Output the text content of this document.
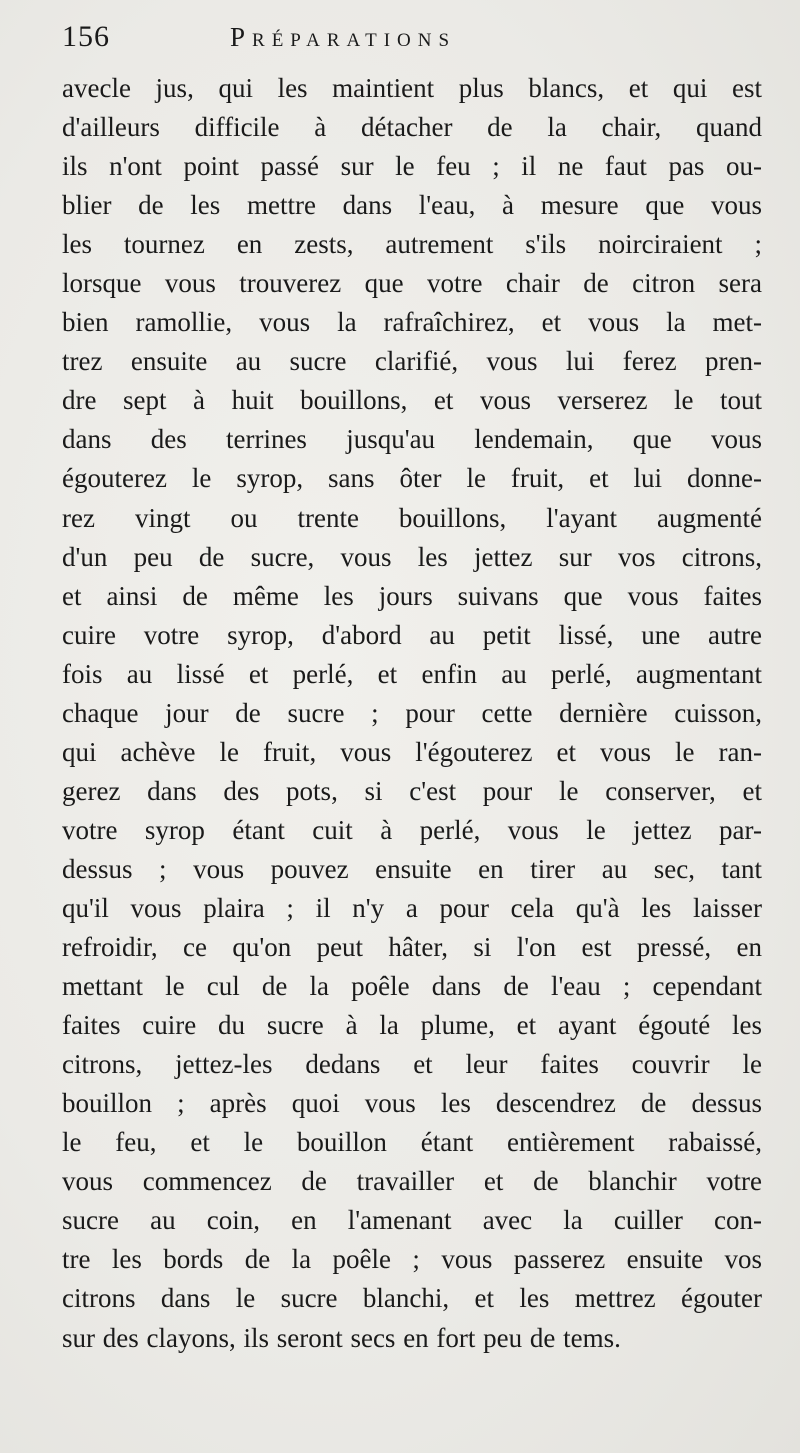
156	Préparations
avecle jus, qui les maintient plus blancs, et qui est
d'ailleurs difficile à détacher de la chair, quand
ils n'ont point passé sur le feu ; il ne faut pas ou-
blier de les mettre dans l'eau, à mesure que vous
les tournez en zests, autrement s'ils noirciraient ;
lorsque vous trouverez que votre chair de citron sera
bien ramollie, vous la rafraîchirez, et vous la met-
trez ensuite au sucre clarifié, vous lui ferez pren-
dre sept à huit bouillons, et vous verserez le tout
dans des terrines jusqu'au lendemain, que vous
égouterez le syrop, sans ôter le fruit, et lui donne-
rez vingt ou trente bouillons, l'ayant augmenté
d'un peu de sucre, vous les jettez sur vos citrons,
et ainsi de même les jours suivans que vous faites
cuire votre syrop, d'abord au petit lissé, une autre
fois au lissé et perlé, et enfin au perlé, augmentant
chaque jour de sucre ; pour cette dernière cuisson,
qui achève le fruit, vous l'égouterez et vous le ran-
gerez dans des pots, si c'est pour le conserver, et
votre syrop étant cuit à perlé, vous le jettez par-
dessus ; vous pouvez ensuite en tirer au sec, tant
qu'il vous plaira ; il n'y a pour cela qu'à les laisser
refroidir, ce qu'on peut hâter, si l'on est pressé, en
mettant le cul de la poêle dans de l'eau ; cependant
faites cuire du sucre à la plume, et ayant égouté les
citrons, jettez-les dedans et leur faites couvrir le
bouillon ; après quoi vous les descendrez de dessus
le feu, et le bouillon étant entièrement rabaissé,
vous commencez de travailler et de blanchir votre
sucre au coin, en l'amenant avec la cuiller con-
tre les bords de la poêle ; vous passerez ensuite vos
citrons dans le sucre blanchi, et les mettrez égouter
sur des clayons, ils seront secs en fort peu de tems.
